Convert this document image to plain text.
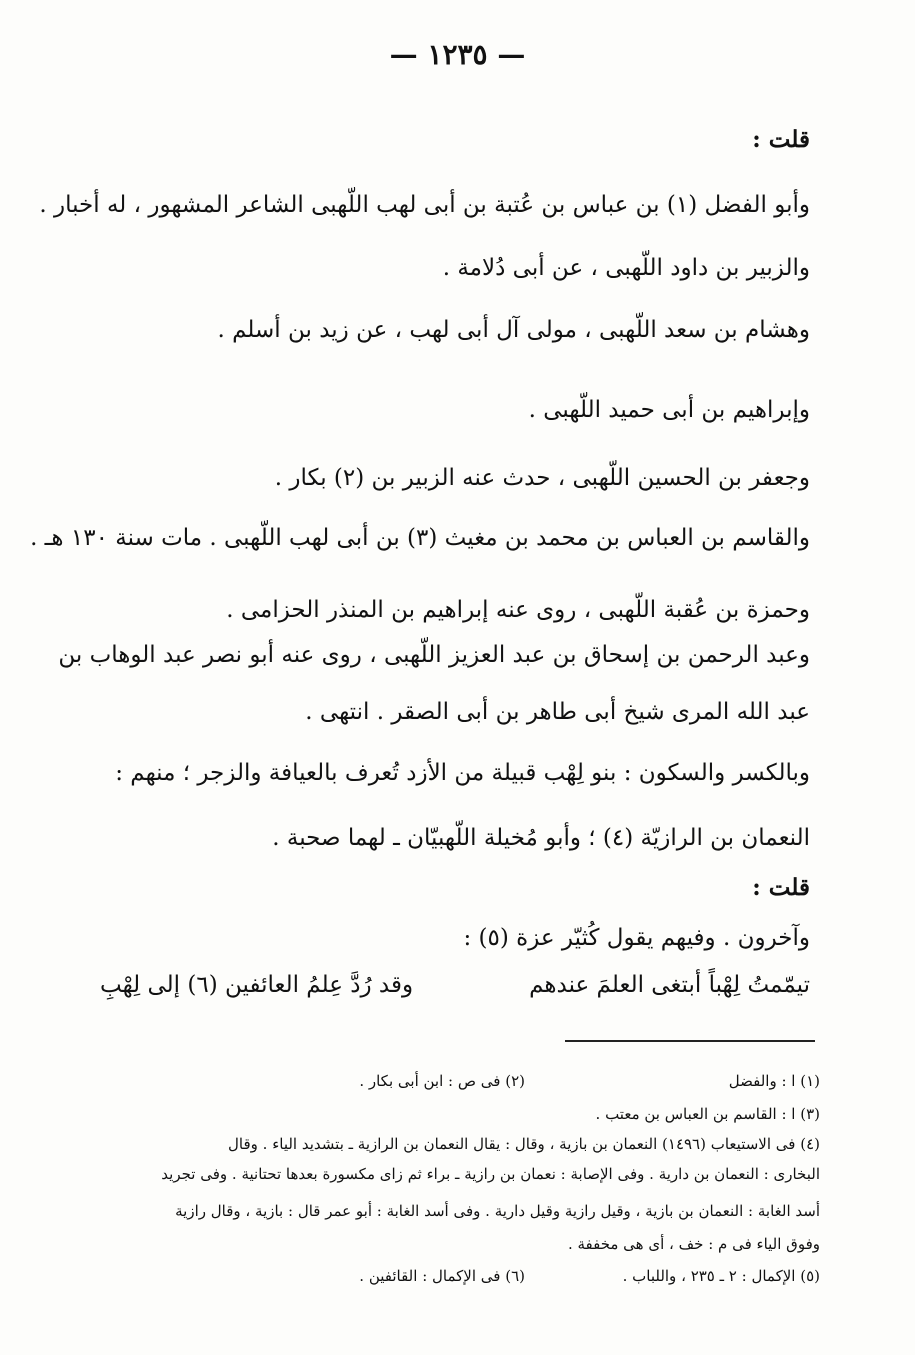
— ١٢٣٥ —
قلت :
وأبو الفضل (١) بن عباس بن عُتبة بن أبى لهب اللّهبى الشاعر المشهور ، له أخبار .
والزبير بن داود اللّهبى ، عن أبى دُلامة .
وهشام بن سعد اللّهبى ، مولى آل أبى لهب ، عن زيد بن أسلم .
وإبراهيم بن أبى حميد اللّهبى .
وجعفر بن الحسين اللّهبى ، حدث عنه الزبير بن (٢) بكار .
والقاسم بن العباس بن محمد بن مغيث (٣) بن أبى لهب اللّهبى . مات سنة ١٣٠ هـ .
وحمزة بن عُقبة اللّهبى ، روى عنه إبراهيم بن المنذر الحزامى .
وعبد الرحمن بن إسحاق بن عبد العزيز اللّهبى ، روى عنه أبو نصر عبد الوهاب بن
عبد الله المرى شيخ أبى طاهر بن أبى الصقر . انتهى .
وبالكسر والسكون : بنو لِهْب قبيلة من الأزد تُعرف بالعيافة والزجر ؛ منهم :
النعمان بن الرازيّة (٤) ؛ وأبو مُخيلة اللّهبيّان ـ لهما صحبة .
قلت :
وآخرون . وفيهم يقول كُثيّر عزة (٥) :
تيمّمتُ لِهْباً أبتغى العلمَ عندهم
وقد رُدَّ عِلمُ العائفين (٦) إلى لِهْبِ
(١) ا : والفضل
(٢) فى ص : ابن أبى بكار .
(٣) ا : القاسم بن العباس بن معتب .
(٤) فى الاستيعاب (١٤٩٦) النعمان بن بازية ، وقال : يقال النعمان بن الرازية ـ بتشديد الياء . وقال
البخارى : النعمان بن دارية . وفى الإصابة : نعمان بن رازية ـ براء ثم زاى مكسورة بعدها تحتانية . وفى تجريد
أسد الغابة : النعمان بن بازية ، وقيل رازية وقيل دارية . وفى أسد الغابة : أبو عمر قال : بازية ، وقال رازية
وفوق الياء فى م : خف ، أى هى مخففة .
(٥) الإكمال : ٢ ـ ٢٣٥ ، واللباب .
(٦) فى الإكمال : القائفين .
